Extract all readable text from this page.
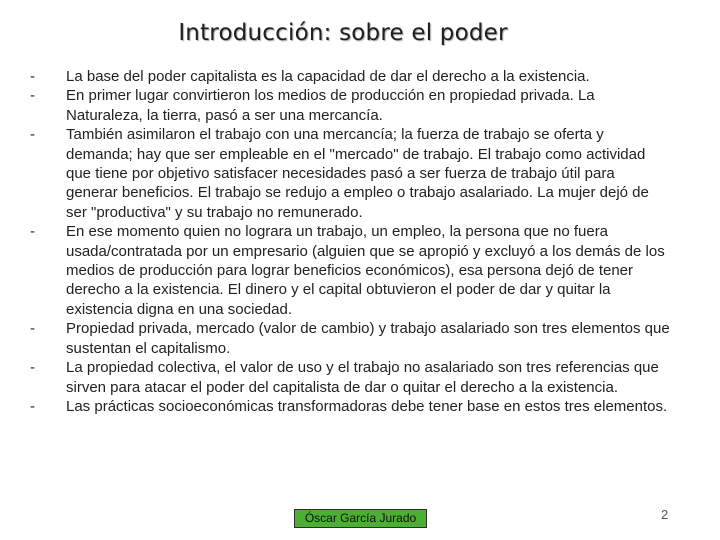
Introducción: sobre el poder
-	La base del poder capitalista es la capacidad de dar el derecho a la existencia.
-	En primer lugar convirtieron los medios de producción en propiedad privada. La Naturaleza, la tierra, pasó a ser una mercancía.
-	También asimilaron el trabajo con una mercancía; la fuerza de trabajo se oferta y demanda; hay que ser empleable en el "mercado" de trabajo. El trabajo como actividad que tiene por objetivo satisfacer necesidades pasó a ser fuerza de trabajo útil para generar beneficios. El trabajo se redujo a empleo o trabajo asalariado. La mujer dejó de ser "productiva" y su trabajo no remunerado.
-	En ese momento quien no lograra un trabajo, un empleo, la persona que no fuera usada/contratada por un empresario (alguien que se apropió y excluyó a los demás de los medios de producción para lograr beneficios económicos), esa persona dejó de tener derecho a la existencia. El dinero y el capital obtuvieron el poder de dar y quitar la existencia digna en una sociedad.
-	Propiedad privada, mercado (valor de cambio) y trabajo asalariado son tres elementos que sustentan el capitalismo.
-	La propiedad colectiva, el valor de uso y el trabajo no asalariado son tres referencias que sirven para atacar el poder del capitalista de dar o quitar el derecho a la existencia.
-	Las prácticas socioeconómicas transformadoras debe tener base en estos tres elementos.
Óscar García Jurado	2
